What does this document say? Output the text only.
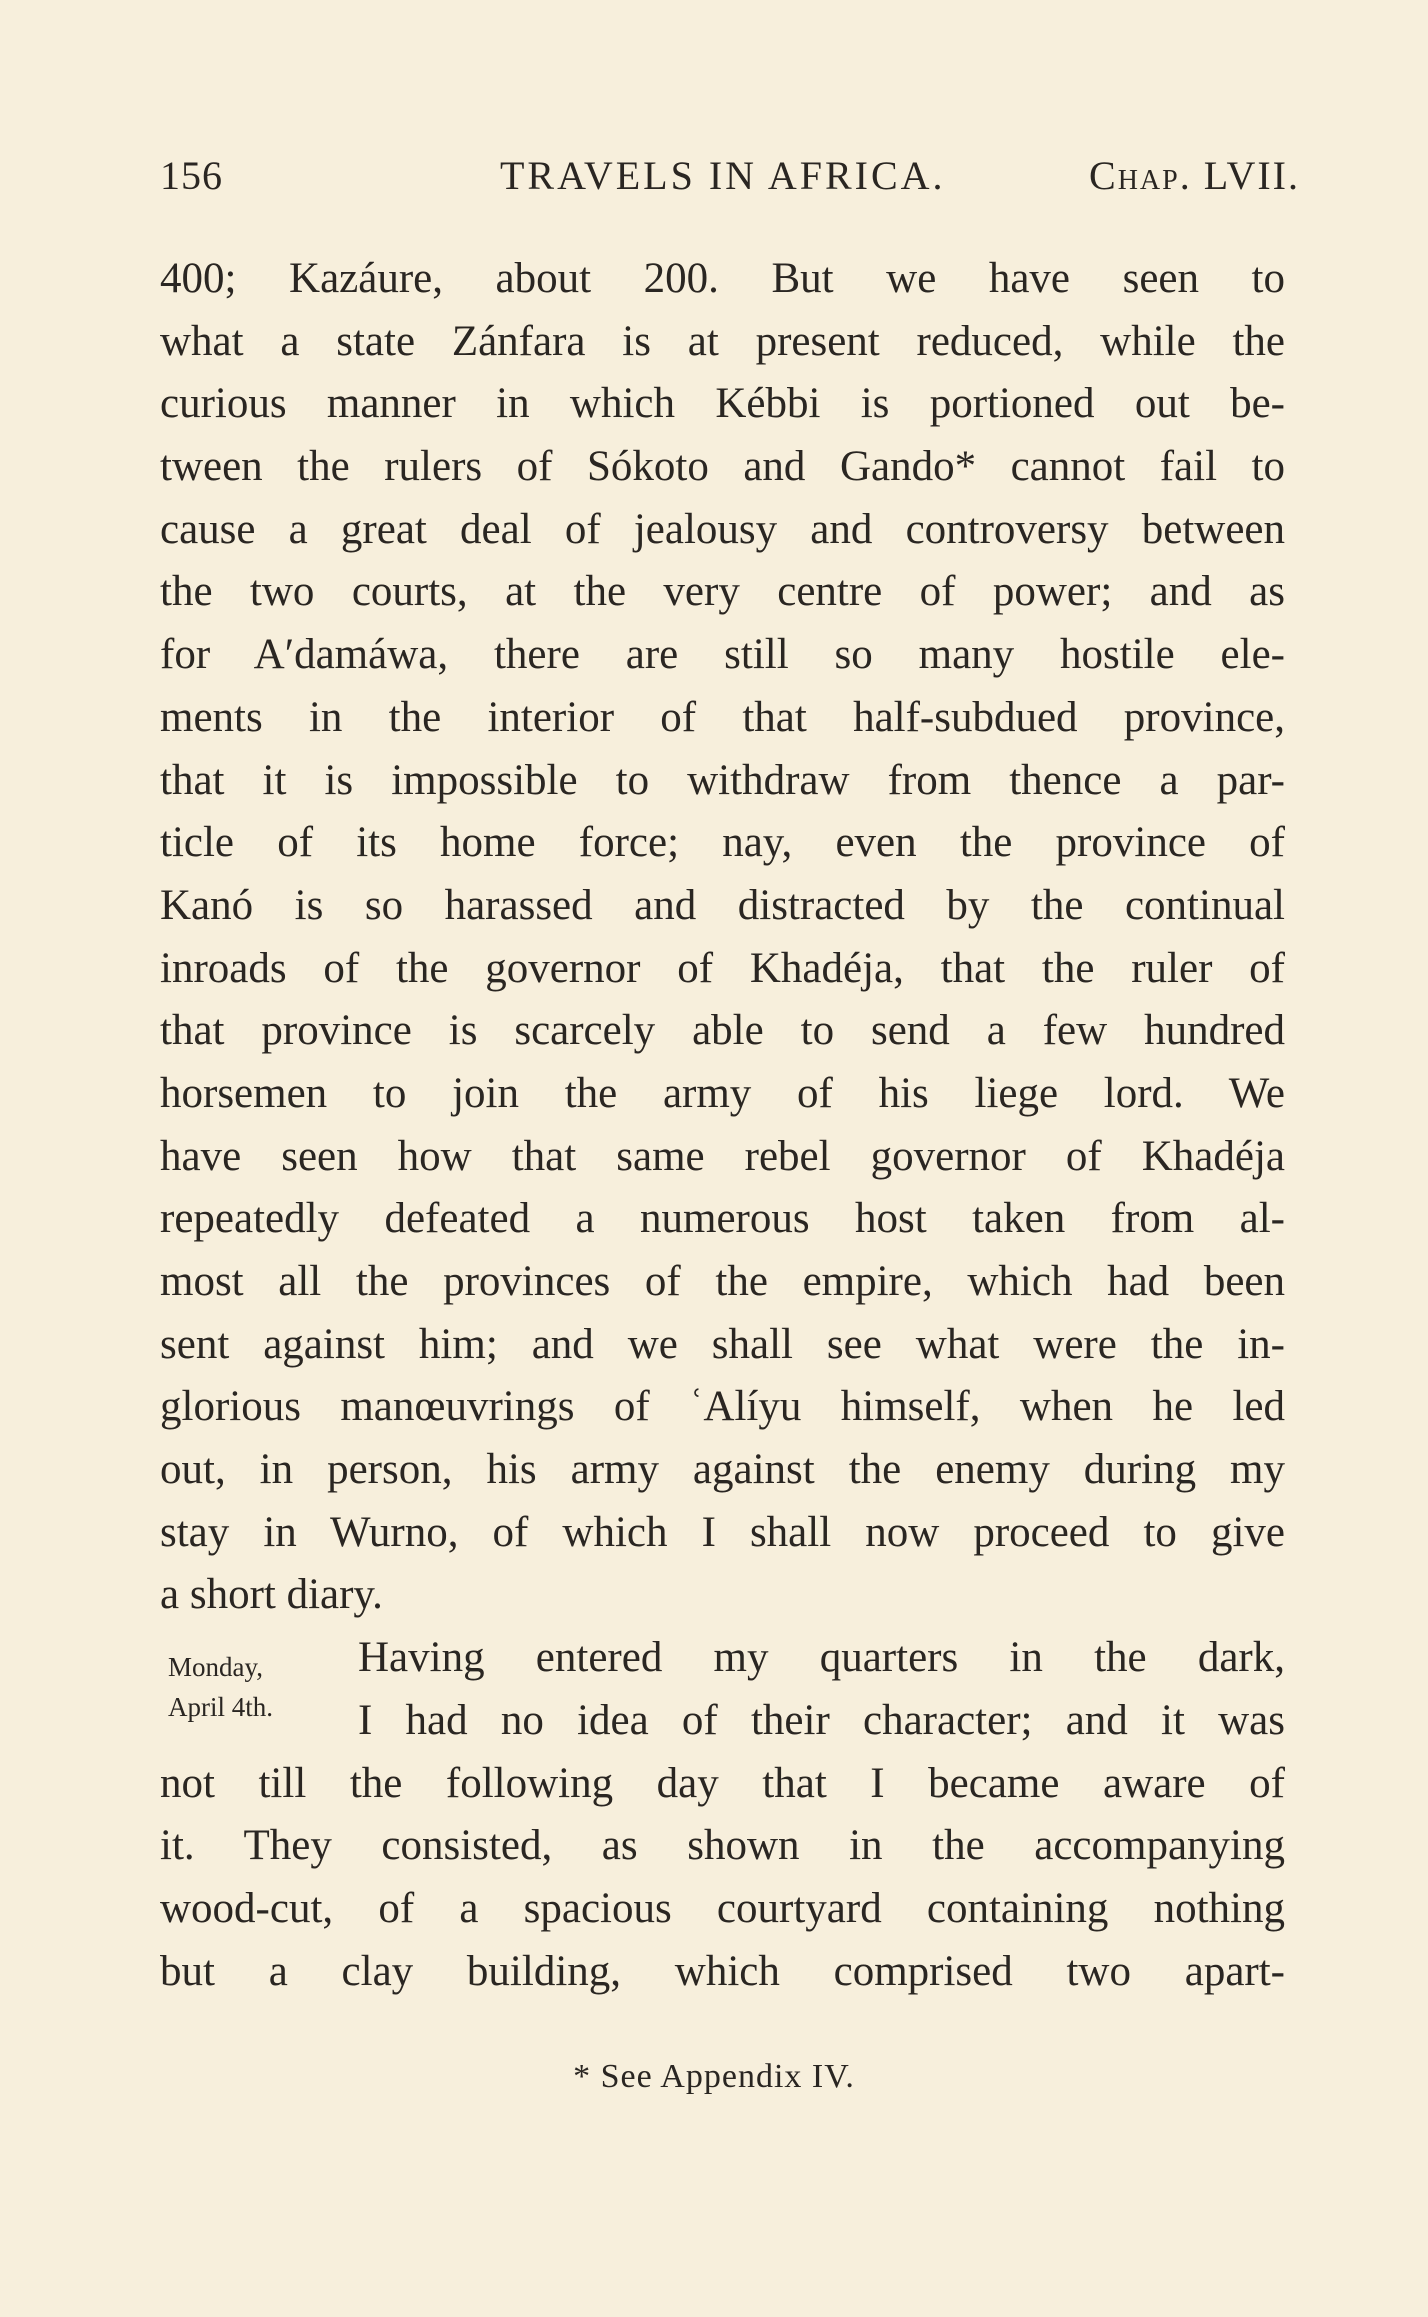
156	TRAVELS IN AFRICA.	Chap. LVII.
400; Kazáure, about 200. But we have seen to
what a state Zánfara is at present reduced, while the
curious manner in which Kébbi is portioned out be-
tween the rulers of Sókoto and Gando* cannot fail to
cause a great deal of jealousy and controversy between
the two courts, at the very centre of power; and as
for A′damáwa, there are still so many hostile ele-
ments in the interior of that half-subdued province,
that it is impossible to withdraw from thence a par-
ticle of its home force; nay, even the province of
Kanó is so harassed and distracted by the continual
inroads of the governor of Khadéja, that the ruler of
that province is scarcely able to send a few hundred
horsemen to join the army of his liege lord. We
have seen how that same rebel governor of Khadéja
repeatedly defeated a numerous host taken from al-
most all the provinces of the empire, which had been
sent against him; and we shall see what were the in-
glorious manœuvrings of ʿAlíyu himself, when he led
out, in person, his army against the enemy during my
stay in Wurno, of which I shall now proceed to give
a short diary.
Having entered my quarters in the dark,
I had no idea of their character; and it was
not till the following day that I became aware of
it. They consisted, as shown in the accompanying
wood-cut, of a spacious courtyard containing nothing
but a clay building, which comprised two apart-
Monday,
April 4th.
* See Appendix IV.
